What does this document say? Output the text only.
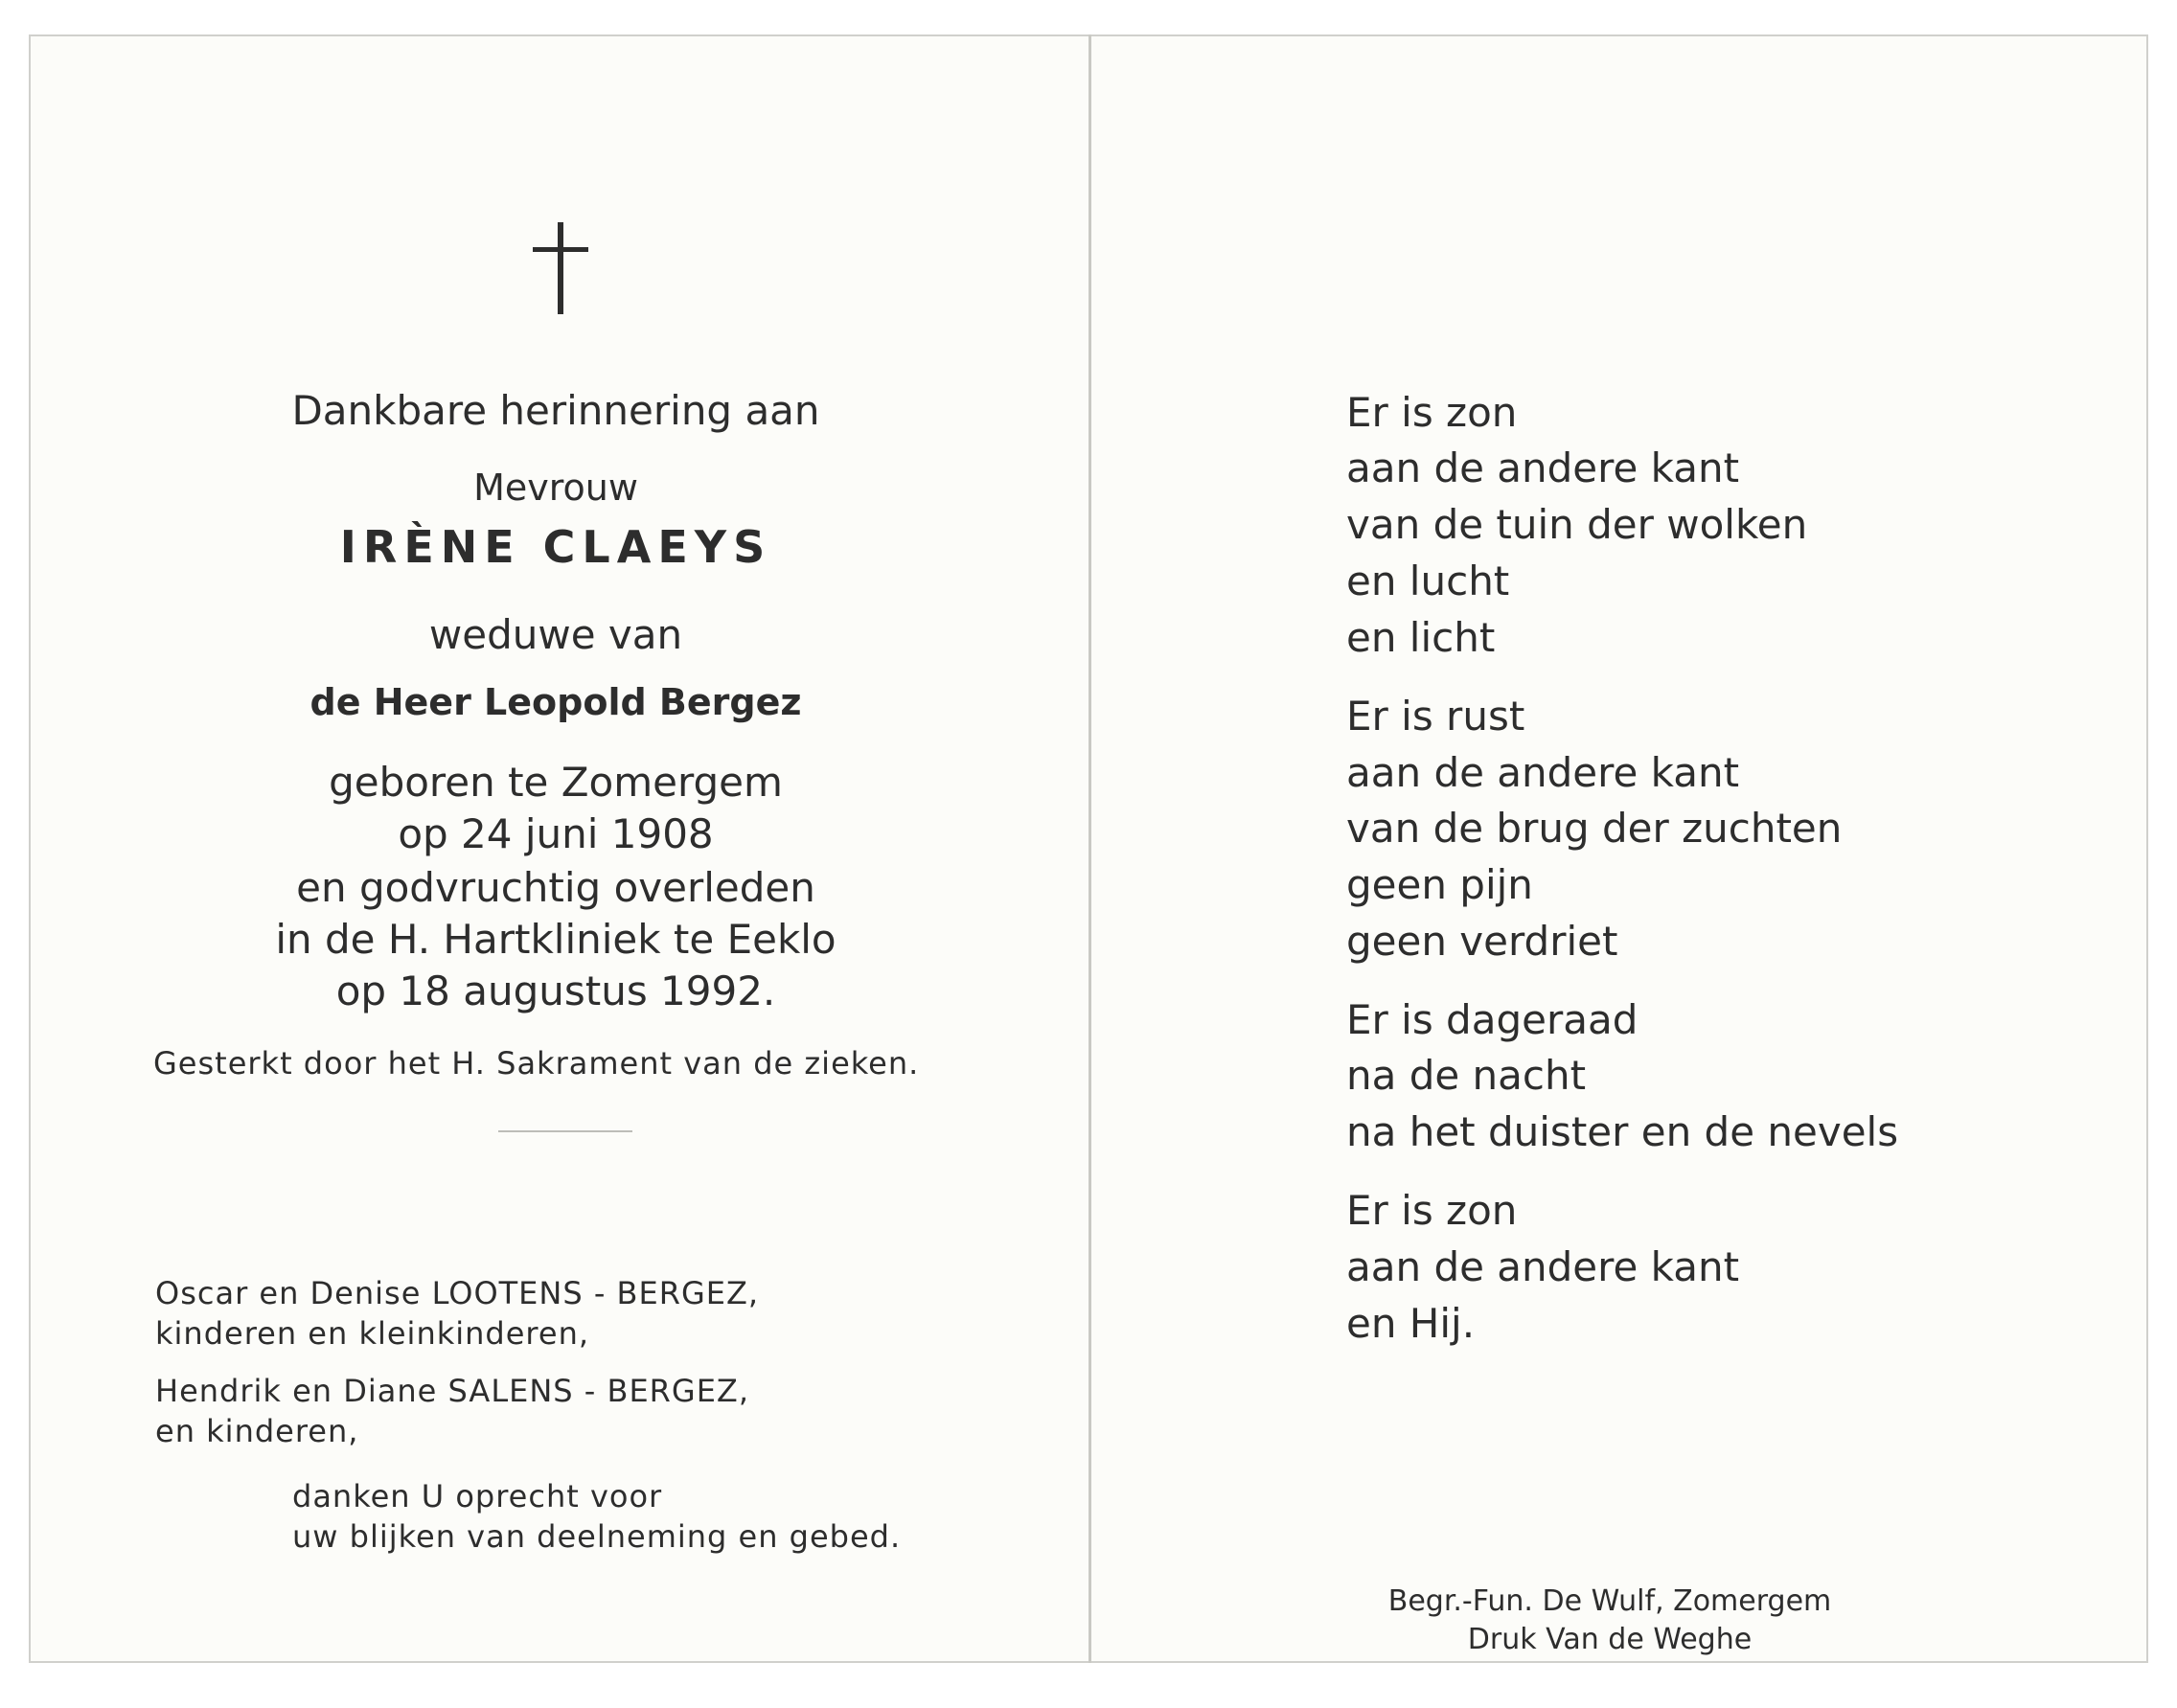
Dankbare herinnering aan
Mevrouw
IRÈNE CLAEYS
weduwe van
de Heer Leopold Bergez
geboren te Zomergem
op 24 juni 1908
en godvruchtig overleden
in de H. Hartkliniek te Eeklo
op 18 augustus 1992.
Gesterkt door het H. Sakrament van de zieken.
Oscar en Denise LOOTENS - BERGEZ,
kinderen en kleinkinderen,
Hendrik en Diane SALENS - BERGEZ,
en kinderen,
danken U oprecht voor
uw blijken van deelneming en gebed.
Er is zon
aan de andere kant
van de tuin der wolken
en lucht
en licht
Er is rust
aan de andere kant
van de brug der zuchten
geen pijn
geen verdriet
Er is dageraad
na de nacht
na het duister en de nevels
Er is zon
aan de andere kant
en Hij.
Begr.-Fun. De Wulf, Zomergem
Druk Van de Weghe
